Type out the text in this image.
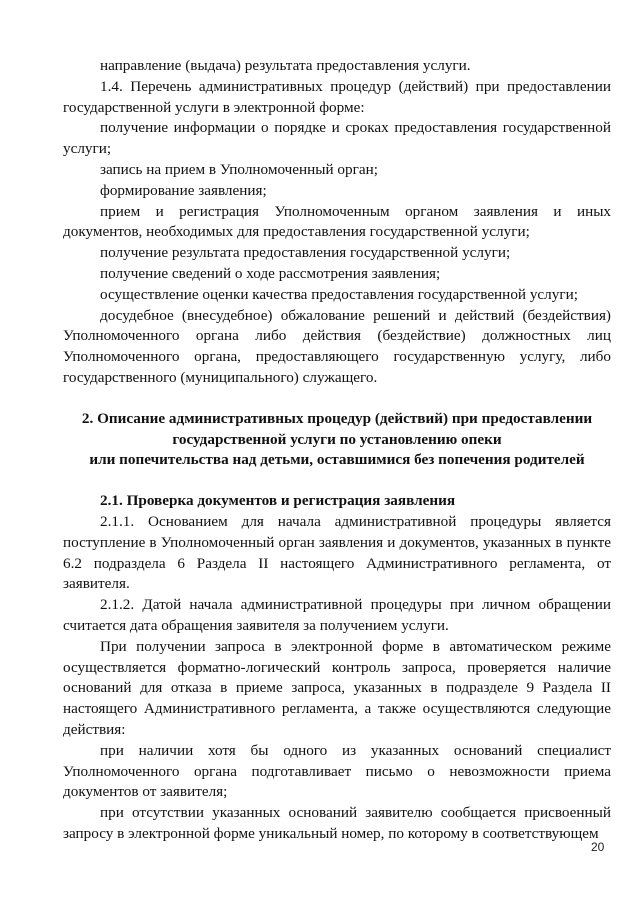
направление (выдача) результата предоставления услуги.

1.4. Перечень административных процедур (действий) при предоставлении государственной услуги в электронной форме:

получение информации о порядке и сроках предоставления государственной услуги;

запись на прием в Уполномоченный орган;

формирование заявления;

прием и регистрация Уполномоченным органом заявления и иных документов, необходимых для предоставления государственной услуги;

получение результата предоставления государственной услуги;

получение сведений о ходе рассмотрения заявления;

осуществление оценки качества предоставления государственной услуги;

досудебное (внесудебное) обжалование решений и действий (бездействия) Уполномоченного органа либо действия (бездействие) должностных лиц Уполномоченного органа, предоставляющего государственную услугу, либо государственного (муниципального) служащего.

2. Описание административных процедур (действий) при предоставлении

государственной услуги по установлению опеки

или попечительства над детьми, оставшимися без попечения родителей

2.1. Проверка документов и регистрация заявления

2.1.1. Основанием для начала административной процедуры является поступление в Уполномоченный орган заявления и документов, указанных в пункте 6.2 подраздела 6 Раздела II настоящего Административного регламента, от заявителя.

2.1.2. Датой начала административной процедуры при личном обращении считается дата обращения заявителя за получением услуги.

При получении запроса в электронной форме в автоматическом режиме осуществляется форматно-логический контроль запроса, проверяется наличие оснований для отказа в приеме запроса, указанных в подразделе 9 Раздела II настоящего Административного регламента, а также осуществляются следующие действия:

при наличии хотя бы одного из указанных оснований специалист Уполномоченного органа подготавливает письмо о невозможности приема документов от заявителя;

при отсутствии указанных оснований заявителю сообщается присвоенный запросу в электронной форме уникальный номер, по которому в соответствующем

20
